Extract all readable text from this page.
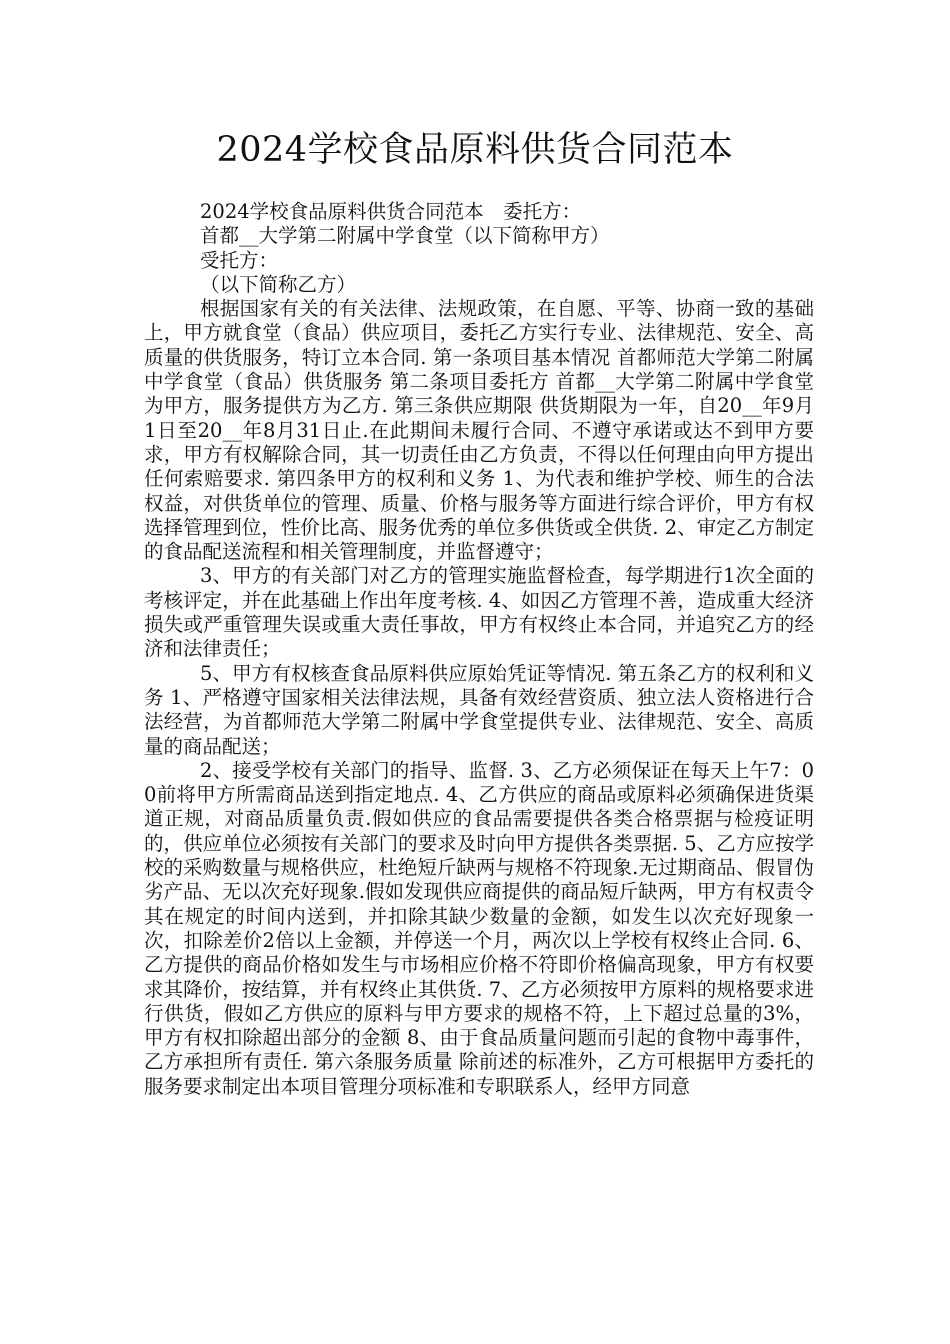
2024学校食品原料供货合同范本

2024学校食品原料供货合同范本　委托方：

首都__大学第二附属中学食堂（以下简称甲方）

受托方：

（以下简称乙方）

根据国家有关的有关法律、法规政策，在自愿、平等、协商一致的基础上，甲方就食堂（食品）供应项目，委托乙方实行专业、法律规范、安全、高质量的供货服务，特订立本合同. 第一条项目基本情况 首都师范大学第二附属中学食堂（食品）供货服务 第二条项目委托方 首都__大学第二附属中学食堂为甲方，服务提供方为乙方. 第三条供应期限 供货期限为一年，自20__年9月1日至20__年8月31日止.在此期间未履行合同、不遵守承诺或达不到甲方要求，甲方有权解除合同，其一切责任由乙方负责，不得以任何理由向甲方提出任何索赔要求. 第四条甲方的权利和义务 1、为代表和维护学校、师生的合法权益，对供货单位的管理、质量、价格与服务等方面进行综合评价，甲方有权选择管理到位，性价比高、服务优秀的单位多供货或全供货. 2、审定乙方制定的食品配送流程和相关管理制度，并监督遵守；

3、甲方的有关部门对乙方的管理实施监督检查，每学期进行1次全面的考核评定，并在此基础上作出年度考核. 4、如因乙方管理不善，造成重大经济损失或严重管理失误或重大责任事故，甲方有权终止本合同，并追究乙方的经济和法律责任；

5、甲方有权核查食品原料供应原始凭证等情况. 第五条乙方的权利和义务 1、严格遵守国家相关法律法规，具备有效经营资质、独立法人资格进行合法经营，为首都师范大学第二附属中学食堂提供专业、法律规范、安全、高质量的商品配送；

2、接受学校有关部门的指导、监督. 3、乙方必须保证在每天上午7：00前将甲方所需商品送到指定地点. 4、乙方供应的商品或原料必须确保进货渠道正规，对商品质量负责.假如供应的食品需要提供各类合格票据与检疫证明的，供应单位必须按有关部门的要求及时向甲方提供各类票据. 5、乙方应按学校的采购数量与规格供应，杜绝短斤缺两与规格不符现象.无过期商品、假冒伪劣产品、无以次充好现象.假如发现供应商提供的商品短斤缺两，甲方有权责令其在规定的时间内送到，并扣除其缺少数量的金额，如发生以次充好现象一次，扣除差价2倍以上金额，并停送一个月，两次以上学校有权终止合同. 6、乙方提供的商品价格如发生与市场相应价格不符即价格偏高现象，甲方有权要求其降价，按结算，并有权终止其供货. 7、乙方必须按甲方原料的规格要求进行供货，假如乙方供应的原料与甲方要求的规格不符，上下超过总量的3%，甲方有权扣除超出部分的金额 8、由于食品质量问题而引起的食物中毒事件，乙方承担所有责任. 第六条服务质量 除前述的标准外，乙方可根据甲方委托的服务要求制定出本项目管理分项标准和专职联系人，经甲方同意
